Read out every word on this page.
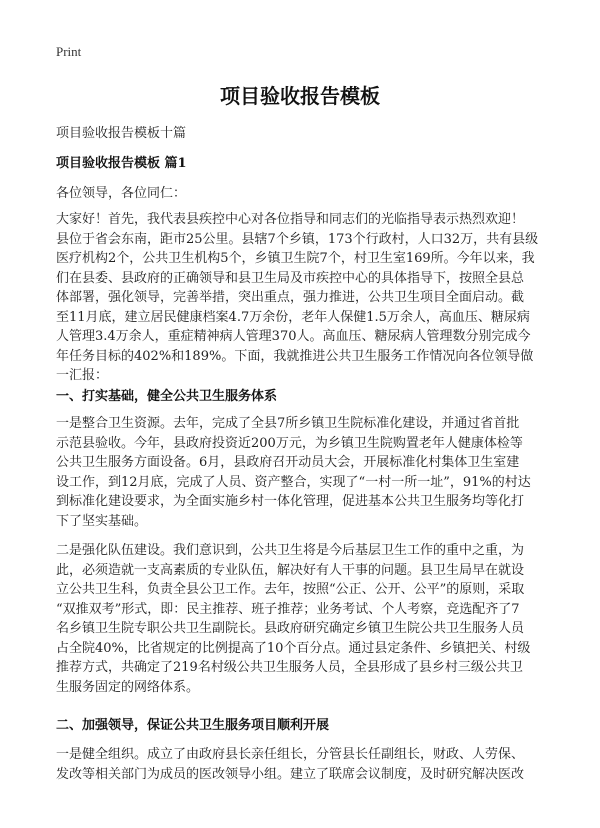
Print
项目验收报告模板
项目验收报告模板十篇
项目验收报告模板 篇1
各位领导，各位同仁：
大家好！首先，我代表县疾控中心对各位指导和同志们的光临指导表示热烈欢迎！
县位于省会东南，距市25公里。县辖7个乡镇，173个行政村，人口32万，共有县级
医疗机构2个，公共卫生机构5个，乡镇卫生院7个，村卫生室169所。今年以来，我
们在县委、县政府的正确领导和县卫生局及市疾控中心的具体指导下，按照全县总
体部署，强化领导，完善举措，突出重点，强力推进，公共卫生项目全面启动。截
至11月底，建立居民健康档案4.7万余份，老年人保健1.5万余人，高血压、糖尿病
人管理3.4万余人，重症精神病人管理370人。高血压、糖尿病人管理数分别完成今
年任务目标的402%和189%。下面，我就推进公共卫生服务工作情况向各位领导做
一汇报：
一、打实基础，健全公共卫生服务体系
一是整合卫生资源。去年，完成了全县7所乡镇卫生院标准化建设，并通过省首批
示范县验收。今年，县政府投资近200万元，为乡镇卫生院购置老年人健康体检等
公共卫生服务方面设备。6月，县政府召开动员大会，开展标准化村集体卫生室建
设工作，到12月底，完成了人员、资产整合，实现了“一村一所一址”，91%的村达
到标准化建设要求，为全面实施乡村一体化管理，促进基本公共卫生服务均等化打
下了坚实基础。
二是强化队伍建设。我们意识到，公共卫生将是今后基层卫生工作的重中之重，为
此，必须造就一支高素质的专业队伍，解决好有人干事的问题。县卫生局早在就设
立公共卫生科，负责全县公卫工作。去年，按照“公正、公开、公平”的原则，采取
“双推双考”形式，即：民主推荐、班子推荐；业务考试、个人考察，竞选配齐了7
名乡镇卫生院专职公共卫生副院长。县政府研究确定乡镇卫生院公共卫生服务人员
占全院40%，比省规定的比例提高了10个百分点。通过县定条件、乡镇把关、村级
推荐方式，共确定了219名村级公共卫生服务人员，全县形成了县乡村三级公共卫
生服务固定的网络体系。
二、加强领导，保证公共卫生服务项目顺利开展
一是健全组织。成立了由政府县长亲任组长，分管县长任副组长，财政、人劳保、
发改等相关部门为成员的医改领导小组。建立了联席会议制度，及时研究解决医改
